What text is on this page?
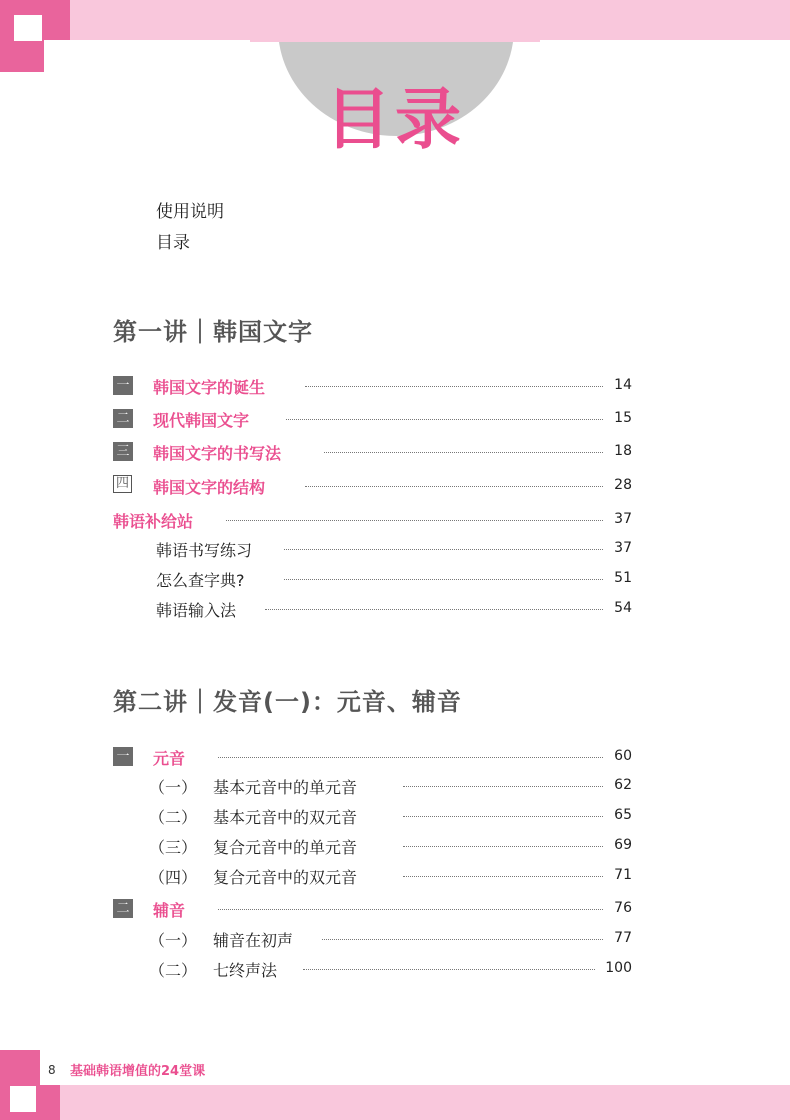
目录
使用说明
目录
第一讲｜韩国文字
一 韩国文字的诞生	14
二 现代韩国文字	15
三 韩国文字的书写法	18
四 韩国文字的结构	28
韩语补给站	37
韩语书写练习	37
怎么查字典?	51
韩语输入法	54
第二讲｜发音(一)：元音、辅音
一 元音	60
（一） 基本元音中的单元音	62
（二） 基本元音中的双元音	65
（三） 复合元音中的单元音	69
（四） 复合元音中的双元音	71
二 辅音	76
（一） 辅音在初声	77
（二） 七终声法	100
8 基础韩语增值的24堂课
